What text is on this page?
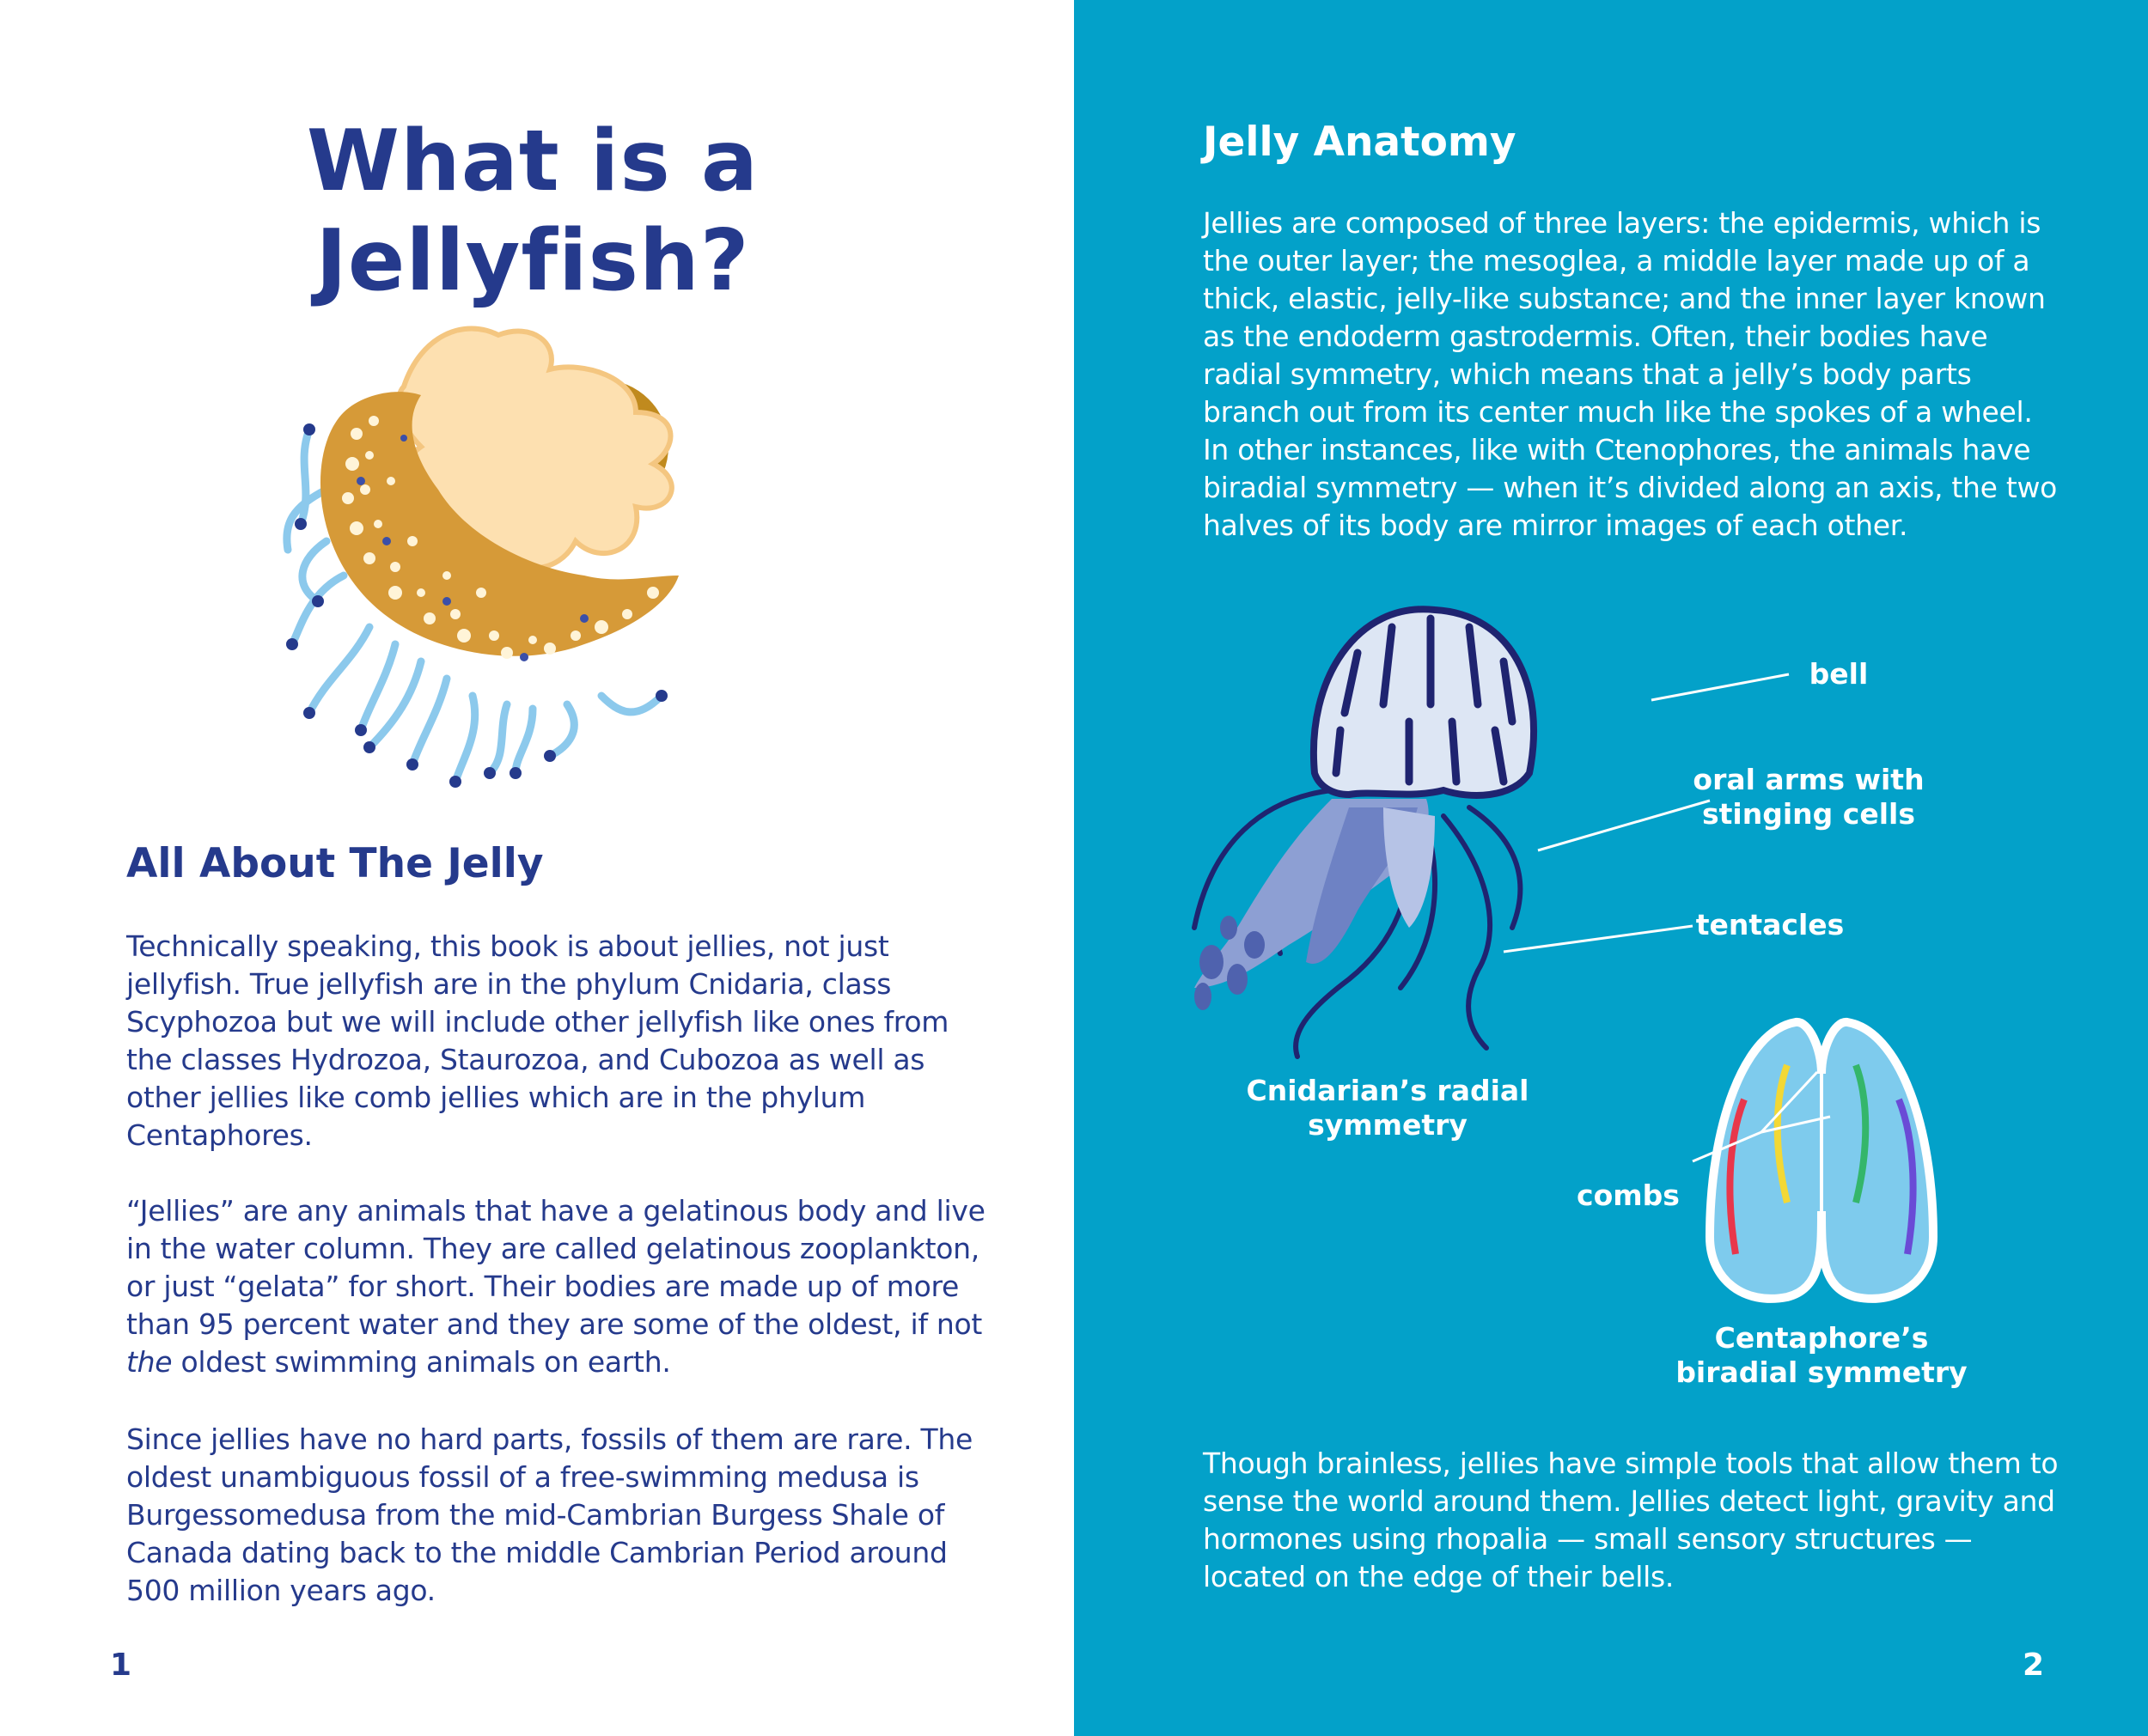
What is a
Jellyfish?
All About The Jelly

Technically speaking, this book is about jellies, not just jellyfish. True jellyfish are in the phylum Cnidaria, class Scyphozoa but we will include other jellyfish like ones from the classes Hydrozoa, Staurozoa, and Cubozoa as well as other jellies like comb jellies which are in the phylum Centaphores.

“Jellies” are any animals that have a gelatinous body and live in the water column. They are called gelatinous zooplankton, or just “gelata” for short. Their bodies are made up of more than 95 percent water and they are some of the oldest, if not the oldest swimming animals on earth.

Since jellies have no hard parts, fossils of them are rare. The oldest unambiguous fossil of a free-swimming medusa is Burgessomedusa from the mid-Cambrian Burgess Shale of Canada dating back to the middle Cambrian Period around 500 million years ago.

1
Jelly Anatomy

Jellies are composed of three layers: the epidermis, which is the outer layer; the mesoglea, a middle layer made up of a thick, elastic, jelly-like substance; and the inner layer known as the endoderm gastrodermis. Often, their bodies have radial symmetry, which means that a jelly’s body parts branch out from its center much like the spokes of a wheel. In other instances, like with Ctenophores, the animals have biradial symmetry — when it’s divided along an axis, the two halves of its body are mirror images of each other.

bell
oral arms with
stinging cells
tentacles
Cnidarian’s radial
symmetry
combs
Centaphore’s
biradial symmetry

Though brainless, jellies have simple tools that allow them to sense the world around them. Jellies detect light, gravity and hormones using rhopalia — small sensory structures — located on the edge of their bells.

2
